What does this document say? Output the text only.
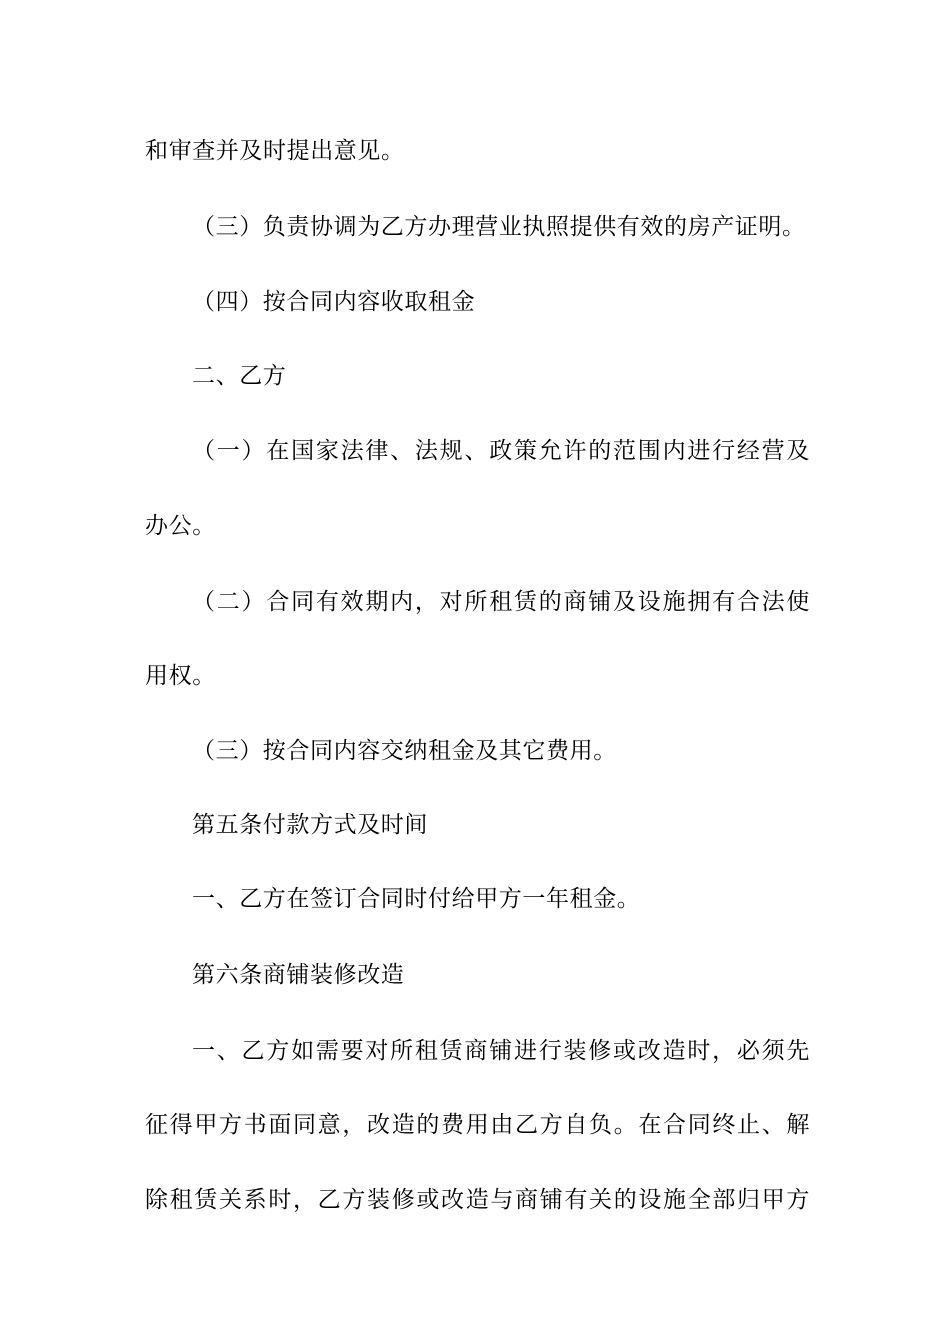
和审查并及时提出意见。
（三）负责协调为乙方办理营业执照提供有效的房产证明。
（四）按合同内容收取租金
二、乙方
（一）在国家法律、法规、政策允许的范围内进行经营及
办公。
（二）合同有效期内，对所租赁的商铺及设施拥有合法使
用权。
（三）按合同内容交纳租金及其它费用。
第五条付款方式及时间
一、乙方在签订合同时付给甲方一年租金。
第六条商铺装修改造
一、乙方如需要对所租赁商铺进行装修或改造时，必须先
征得甲方书面同意，改造的费用由乙方自负。在合同终止、解
除租赁关系时，乙方装修或改造与商铺有关的设施全部归甲方
